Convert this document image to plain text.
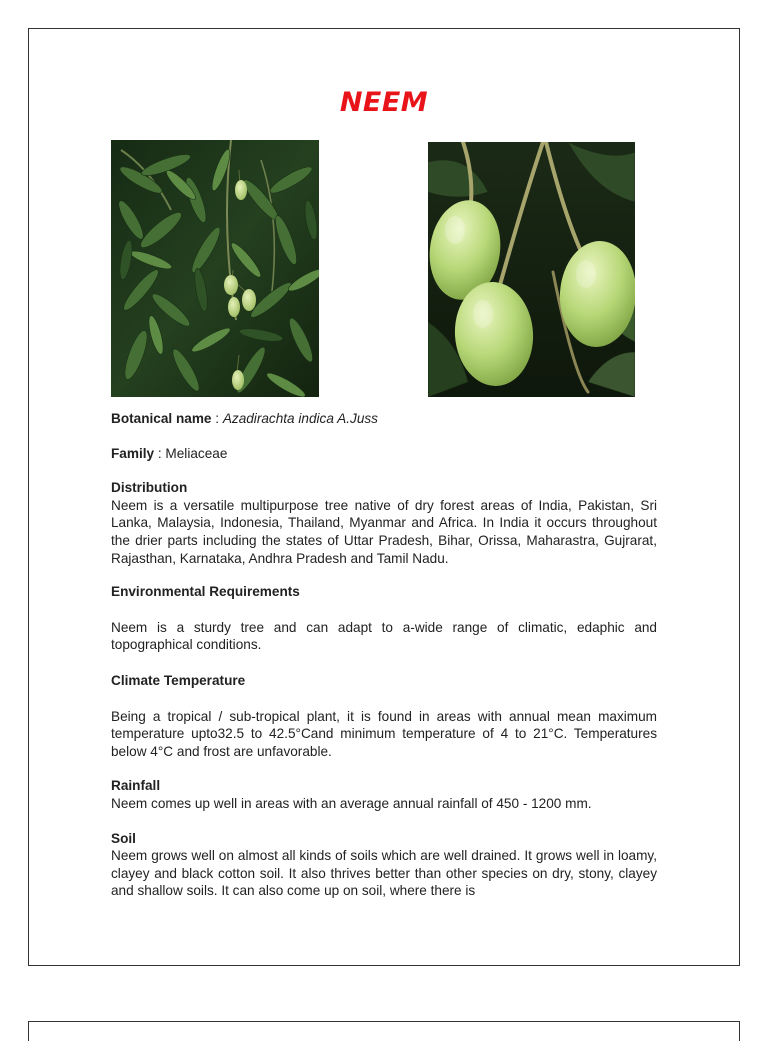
NEEM

Botanical name : Azadirachta indica A.Juss

Family : Meliaceae

Distribution

Neem is a versatile multipurpose tree native of dry forest areas of India, Pakistan, Sri Lanka, Malaysia, Indonesia, Thailand, Myanmar and Africa. In India it occurs throughout the drier parts including the states of Uttar Pradesh, Bihar, Orissa, Maharastra, Gujrarat, Rajasthan, Karnataka, Andhra Pradesh and Tamil Nadu.

Environmental Requirements

Neem is a sturdy tree and can adapt to a-wide range of climatic, edaphic and topographical conditions.

Climate Temperature

Being a tropical / sub-tropical plant, it is found in areas with annual mean maximum temperature upto32.5 to 42.5°Cand minimum temperature of 4 to 21°C. Temperatures below 4°C and frost are unfavorable.

Rainfall

Neem comes up well in areas with an average annual rainfall of 450 - 1200 mm.

Soil

Neem grows well on almost all kinds of soils which are well drained. It grows well in loamy, clayey and black cotton soil. It also thrives better than other species on dry, stony, clayey and shallow soils. It can also come up on soil, where there is
